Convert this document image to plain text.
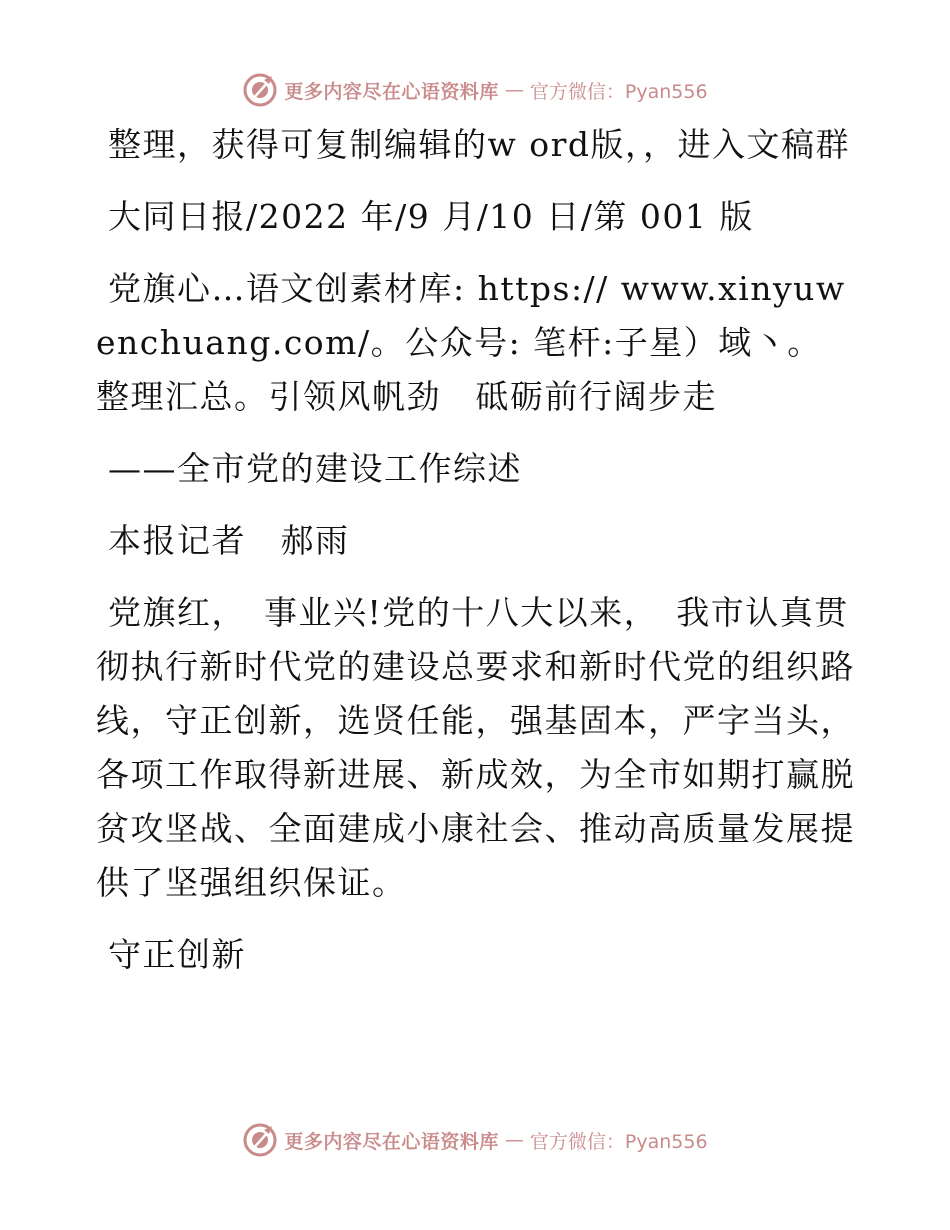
更多内容尽在心语资料库 — 官方微信：Pyan556

整理，获得可复制编辑的w ord版，，进入文稿群

大同日报/2022 年/9 月/10 日/第 001 版

党旗心…语文创素材库: https:// www.xinyuwenchuang.com/。公众号: 笔杆:子星）域丶。整理汇总。引领风帆劲　砥砺前行阔步走

——全市党的建设工作综述

本报记者　郝雨

党旗红，　事业兴!党的十八大以来，　我市认真贯彻执行新时代党的建设总要求和新时代党的组织路线，守正创新，选贤任能，强基固本，严字当头，各项工作取得新进展、新成效，为全市如期打赢脱贫攻坚战、全面建成小康社会、推动高质量发展提供了坚强组织保证。

守正创新

更多内容尽在心语资料库 — 官方微信：Pyan556
